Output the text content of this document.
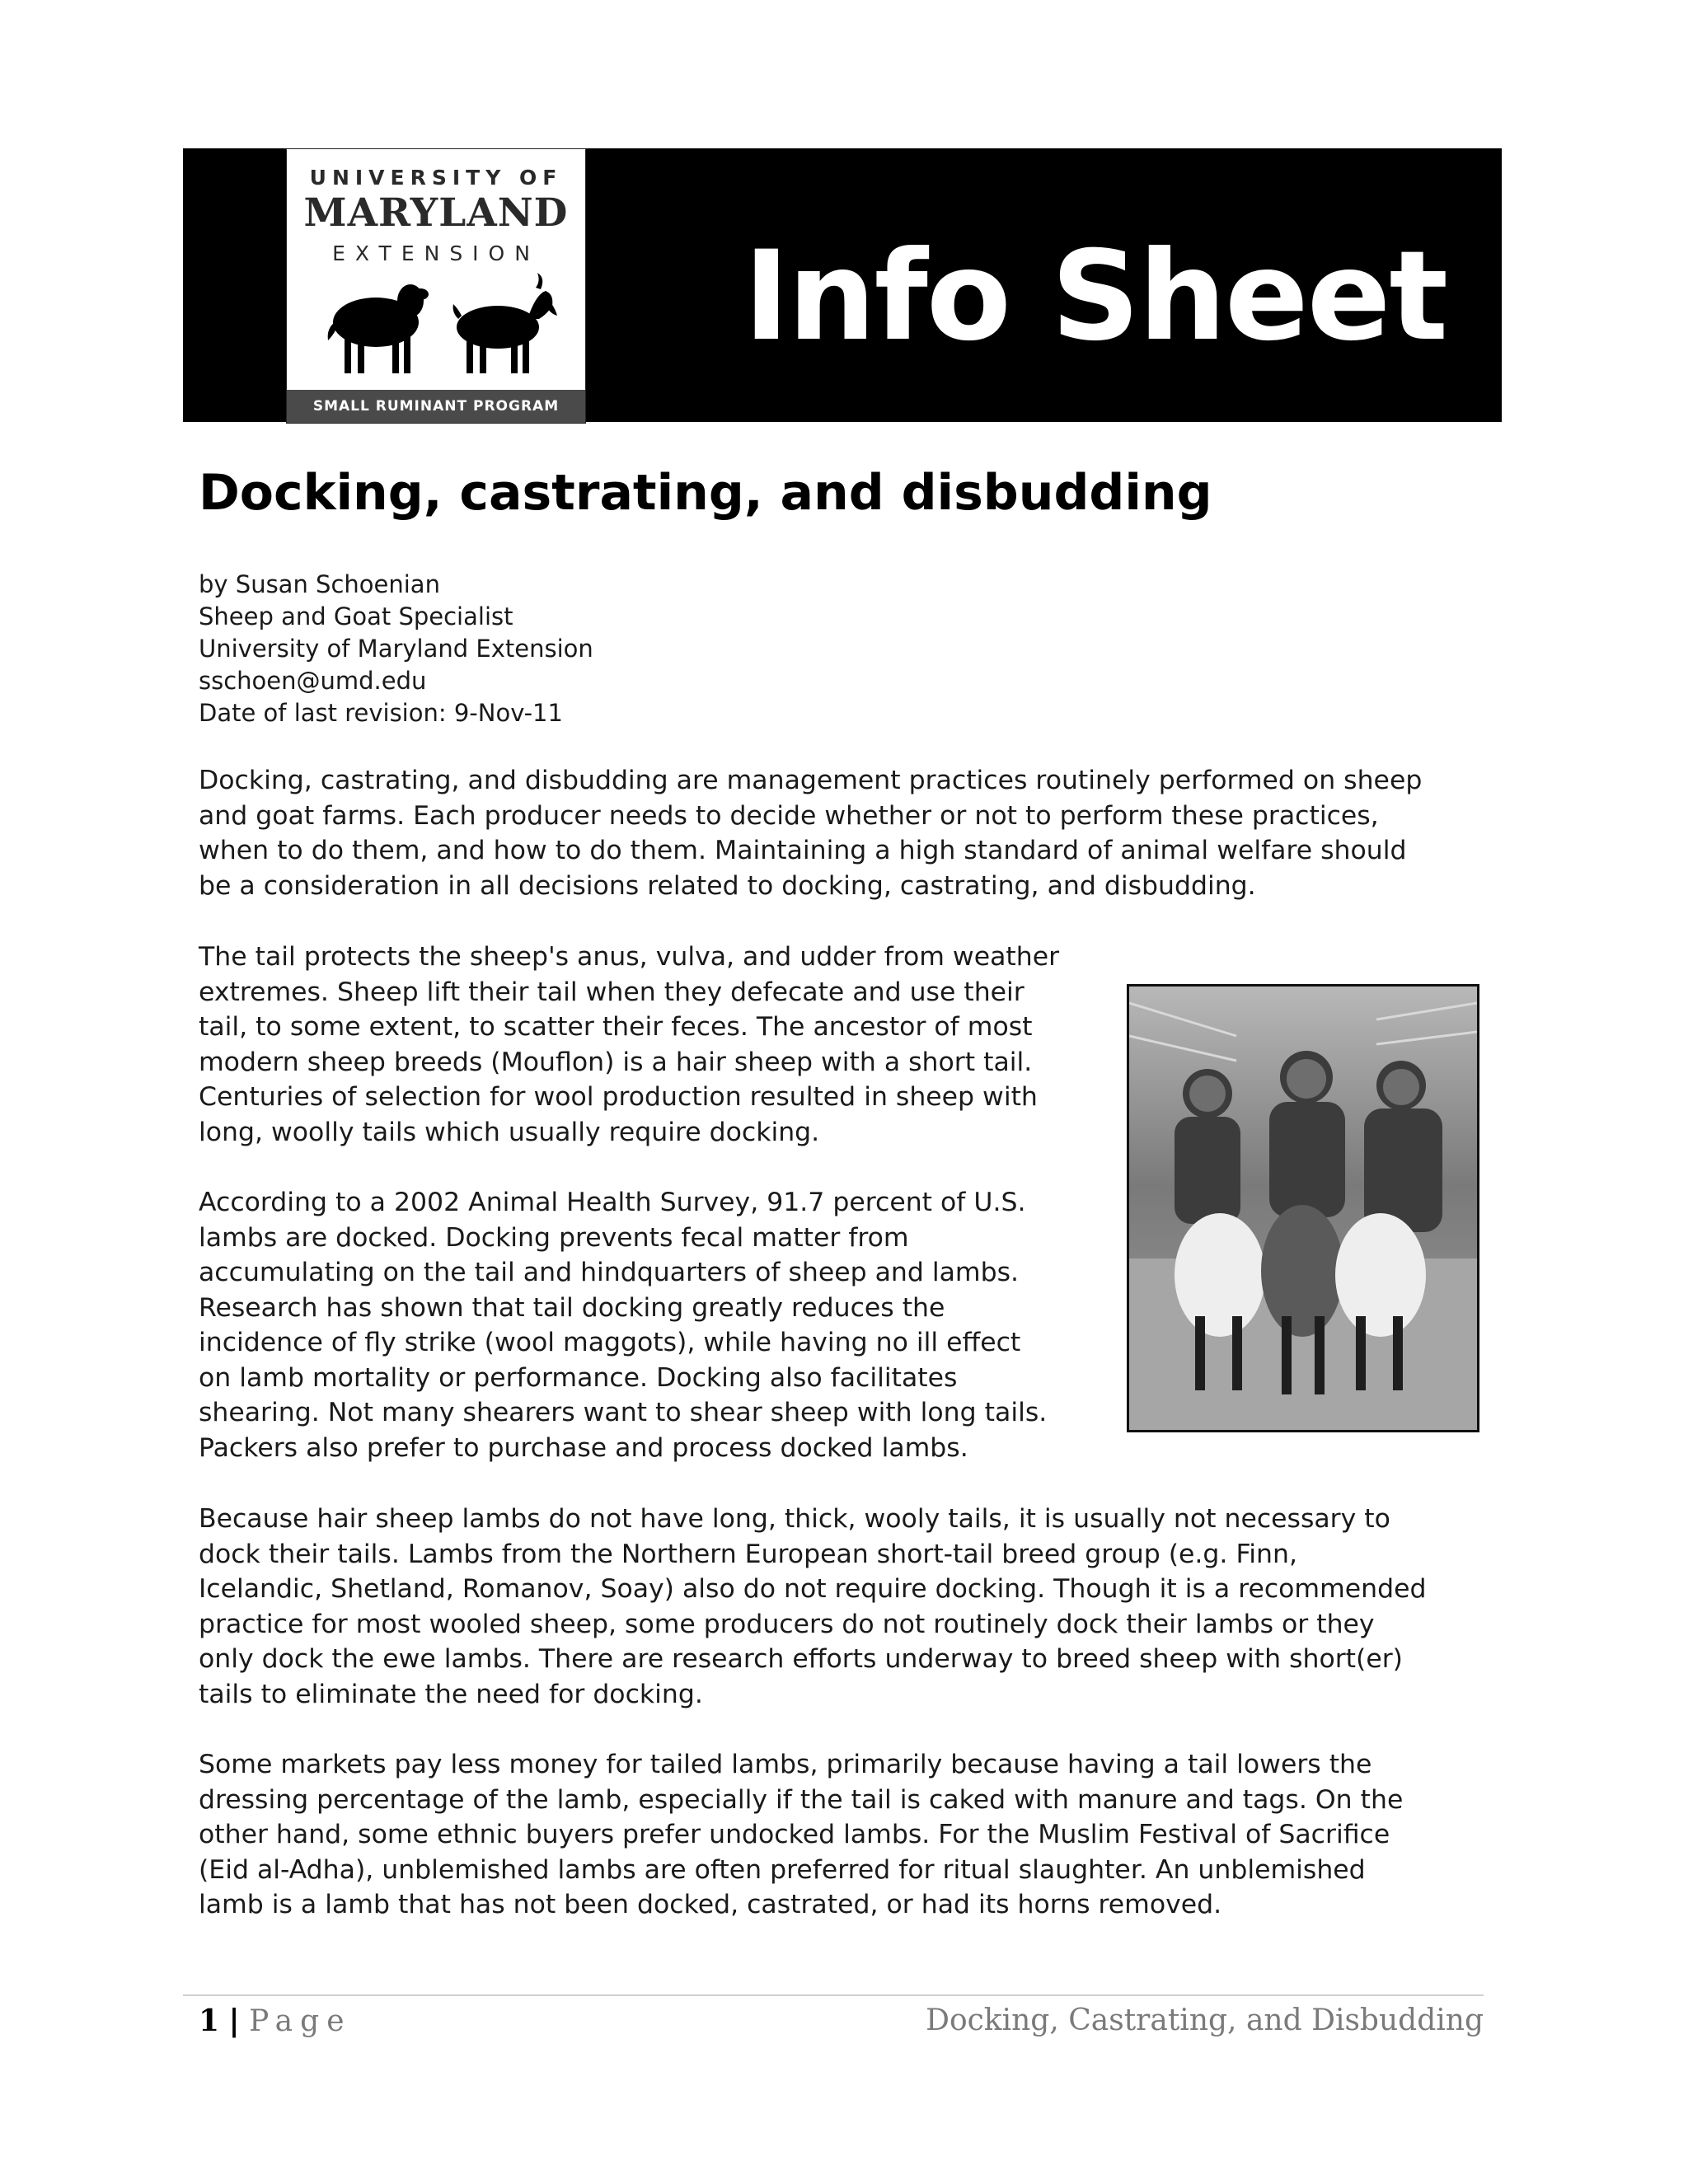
UNIVERSITY OF
MARYLAND
EXTENSION
SMALL RUMINANT PROGRAM
Info Sheet
Docking, castrating, and disbudding
by Susan Schoenian
Sheep and Goat Specialist
University of Maryland Extension
sschoen@umd.edu
Date of last revision: 9-Nov-11
Docking, castrating, and disbudding are management practices routinely performed on sheep
and goat farms. Each producer needs to decide whether or not to perform these practices,
when to do them, and how to do them. Maintaining a high standard of animal welfare should
be a consideration in all decisions related to docking, castrating, and disbudding.
The tail protects the sheep's anus, vulva, and udder from weather
extremes. Sheep lift their tail when they defecate and use their
tail, to some extent, to scatter their feces. The ancestor of most
modern sheep breeds (Mouflon) is a hair sheep with a short tail.
Centuries of selection for wool production resulted in sheep with
long, woolly tails which usually require docking.
According to a 2002 Animal Health Survey, 91.7 percent of U.S.
lambs are docked. Docking prevents fecal matter from
accumulating on the tail and hindquarters of sheep and lambs.
Research has shown that tail docking greatly reduces the
incidence of fly strike (wool maggots), while having no ill effect
on lamb mortality or performance. Docking also facilitates
shearing. Not many shearers want to shear sheep with long tails.
Packers also prefer to purchase and process docked lambs.
Because hair sheep lambs do not have long, thick, wooly tails, it is usually not necessary to
dock their tails. Lambs from the Northern European short-tail breed group (e.g. Finn,
Icelandic, Shetland, Romanov, Soay) also do not require docking. Though it is a recommended
practice for most wooled sheep, some producers do not routinely dock their lambs or they
only dock the ewe lambs. There are research efforts underway to breed sheep with short(er)
tails to eliminate the need for docking.
Some markets pay less money for tailed lambs, primarily because having a tail lowers the
dressing percentage of the lamb, especially if the tail is caked with manure and tags. On the
other hand, some ethnic buyers prefer undocked lambs. For the Muslim Festival of Sacrifice
(Eid al-Adha), unblemished lambs are often preferred for ritual slaughter. An unblemished
lamb is a lamb that has not been docked, castrated, or had its horns removed.
1 | Page	Docking, Castrating, and Disbudding
